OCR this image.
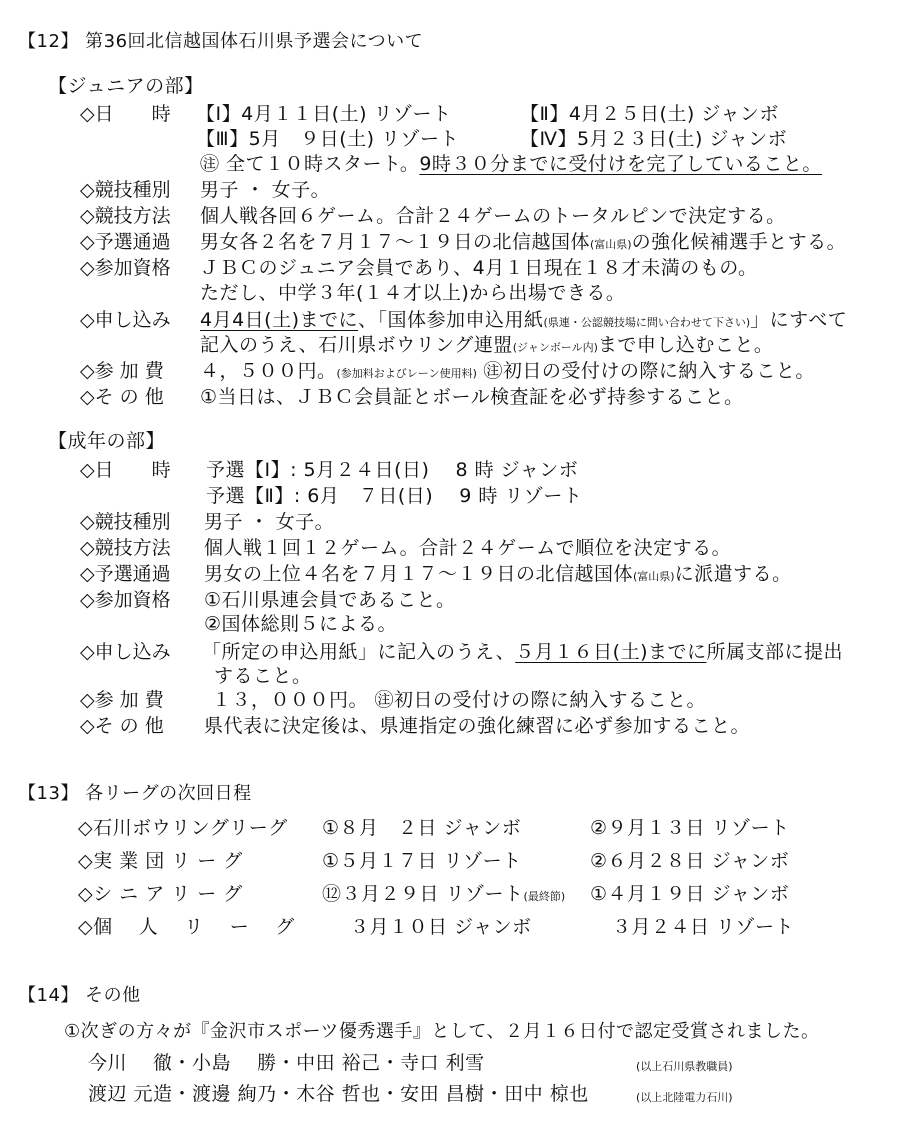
【12】 第36回北信越国体石川県予選会について
【ジュニアの部】
◇日　　時 【Ⅰ】4月１１日(土) リゾート	【Ⅱ】4月２５日(土) ジャンボ
【Ⅲ】5月　９日(土) リゾート	【Ⅳ】5月２３日(土) ジャンボ
㊟ 全て１０時スタート。9時３０分までに受付けを完了していること。
◇競技種別 男子 ・ 女子。
◇競技方法 個人戦各回６ゲーム。合計２４ゲームのトータルピンで決定する。
◇予選通過 男女各２名を７月１７～１９日の北信越国体(富山県)の強化候補選手とする。
◇参加資格 ＪＢＣのジュニア会員であり、4月１日現在１８才未満のもの。
ただし、中学３年(１４才以上)から出場できる。
◇申し込み 4月4日(土)までに、「国体参加申込用紙(県連・公認競技場に問い合わせて下さい)」にすべて
記入のうえ、石川県ボウリング連盟(ジャンボール内)まで申し込むこと。
◇参 加 費 ４，５００円。(参加料およびレーン使用料) ㊟初日の受付けの際に納入すること。
◇そ の 他 ①当日は、ＪＢＣ会員証とボール検査証を必ず持参すること。
【成年の部】
◇日　　時 予選【Ⅰ】: 5月２４日(日)　 8 時 ジャンボ
予選【Ⅱ】: 6月　７日(日)　 9 時 リゾート
◇競技種別 男子 ・ 女子。
◇競技方法 個人戦１回１２ゲーム。合計２４ゲームで順位を決定する。
◇予選通過 男女の上位４名を７月１７～１９日の北信越国体(富山県)に派遣する。
◇参加資格 ①石川県連会員であること。
②国体総則５による。
◇申し込み 「所定の申込用紙」に記入のうえ、５月１６日(土)までに所属支部に提出
すること。
◇参 加 費	１３，０００円。 ㊟初日の受付けの際に納入すること。
◇そ の 他 県代表に決定後は、県連指定の強化練習に必ず参加すること。
【13】 各リーグの次回日程
◇石川ボウリングリーグ ①８月　２日 ジャンボ	②９月１３日 リゾート
◇実 業 団 リ ー グ	①５月１７日 リゾート	②６月２８日 ジャンボ
◇シ ニ ア リ ー グ	⑫３月２９日 リゾート(最終節) ①４月１９日 ジャンボ
◇個　 人　 リ　 ー　 グ	３月１０日 ジャンボ	３月２４日 リゾート
【14】 その他
①次ぎの方々が『金沢市スポーツ優秀選手』として、２月１６日付で認定受賞されました。
今川　 徹・小島　 勝・中田 裕己・寺口 利雪	(以上石川県教職員)
渡辺 元造・渡邊 絢乃・木谷 哲也・安田 昌樹・田中 椋也	(以上北陸電力石川)
